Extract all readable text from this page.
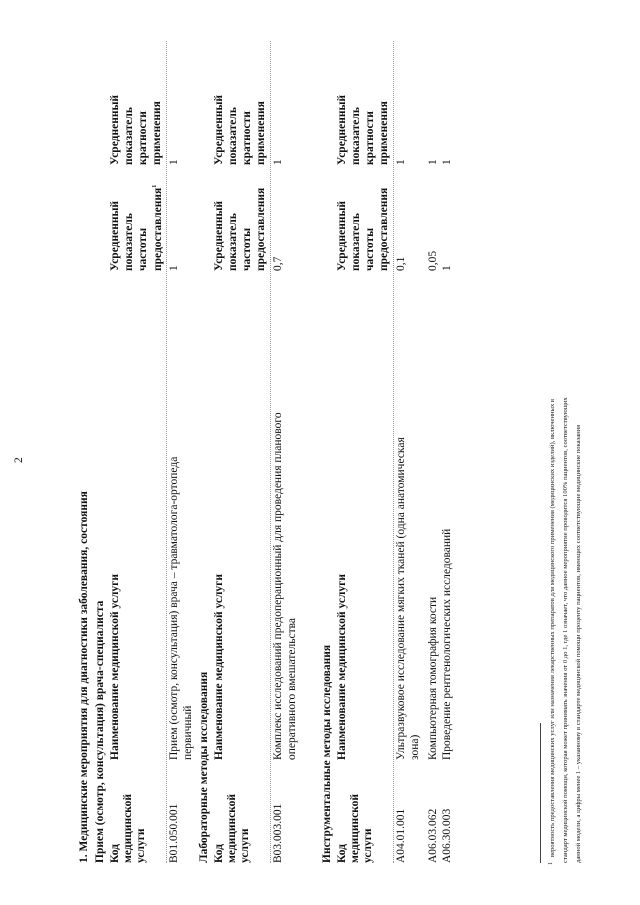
2
1. Медицинские мероприятия для диагностики заболевания, состояния Прием (осмотр, консультация) врача-специалиста Код медицинской услуги
Наименование медицинской услуги
Усредненный показатель частоты предоставления$^1$
Усредненный показатель кратности применения
B01.050.001
Прием (осмотр, консультация) врача – травматолога-ортопеда первичный
1
1
Лабораторные методы исследования Код медицинской услуги
Наименование медицинской услуги
Усредненный показатель частоты предоставления
Усредненный показатель кратности применения
B03.003.001
Комплекс исследований предоперационный для проведения планового оперативного вмешательства
0,7
1
Инструментальные методы исследования Код медицинской услуги
Наименование медицинской услуги
Усредненный показатель частоты предоставления
Усредненный показатель кратности применения
A04.01.001
Ультразвуковое исследование мягких тканей (одна анатомическая зона)
0,1
1
A06.03.062
Компьютерная томография кости
0,05
1
A06.30.003
Проведение рентгенологических исследований
1
1
$^1$
вероятность предоставления медицинских услуг или назначения лекарственных препаратов для медицинского применения (медицинских изделий), включенных в стандарт медицинской помощи, которая может принимать значения от 0 до 1, где 1 означает, что данное мероприятие проводится 100% пациентов, соответствующих данной модели, а цифры менее 1 – указанному в стандарте медицинской помощи проценту пациентов, имеющих соответствующие медицинские показания
